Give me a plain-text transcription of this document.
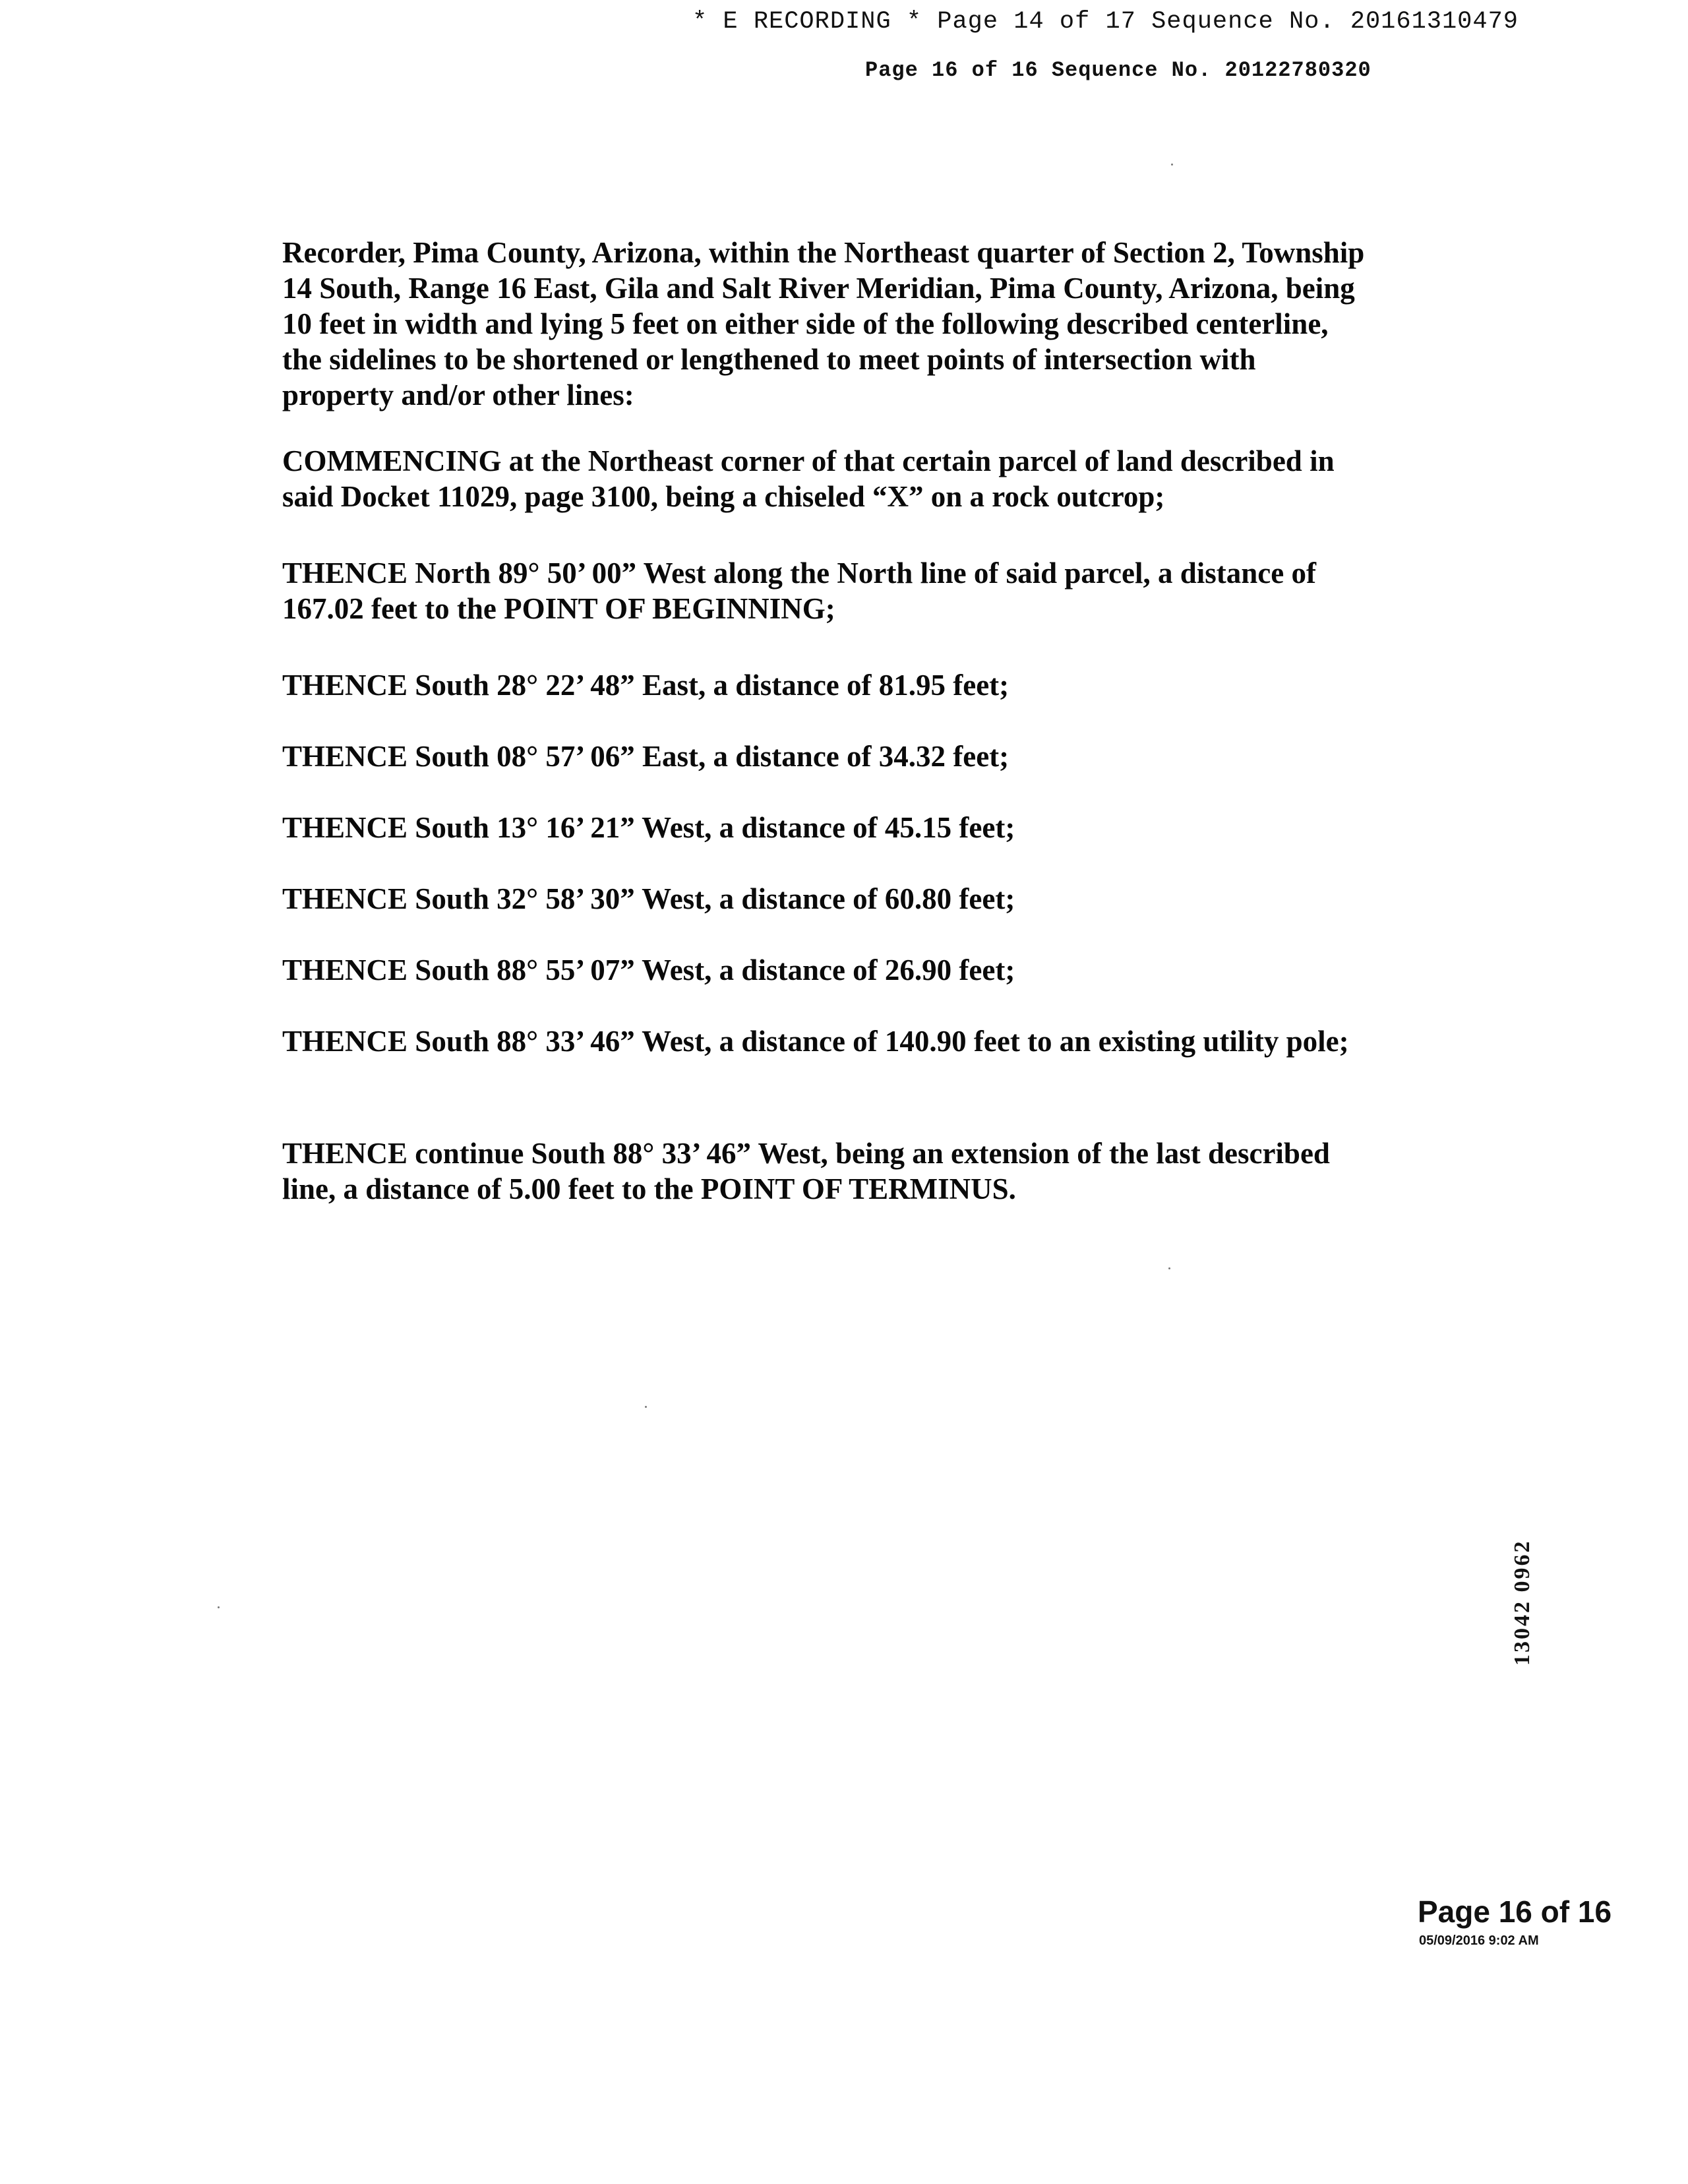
* E RECORDING * Page 14 of 17 Sequence No. 20161310479
Page 16 of 16 Sequence No. 20122780320
Recorder, Pima County, Arizona, within the Northeast quarter of Section 2, Township 14 South, Range 16 East, Gila and Salt River Meridian, Pima County, Arizona, being 10 feet in width and lying 5 feet on either side of the following described centerline, the sidelines to be shortened or lengthened to meet points of intersection with property and/or other lines:
COMMENCING at the Northeast corner of that certain parcel of land described in said Docket 11029, page 3100, being a chiseled “X” on a rock outcrop;
THENCE North 89° 50’ 00” West along the North line of said parcel, a distance of 167.02 feet to the POINT OF BEGINNING;
THENCE South 28° 22’ 48” East, a distance of 81.95 feet;
THENCE South 08° 57’ 06” East, a distance of 34.32 feet;
THENCE South 13° 16’ 21” West, a distance of 45.15 feet;
THENCE South 32° 58’ 30” West, a distance of 60.80 feet;
THENCE South 88° 55’ 07” West, a distance of 26.90 feet;
THENCE South 88° 33’ 46” West, a distance of 140.90 feet to an existing utility pole;
THENCE continue South 88° 33’ 46” West, being an extension of the last described line, a distance of 5.00 feet to the POINT OF TERMINUS.
13042 0962
Page 16 of 16
05/09/2016 9:02 AM
